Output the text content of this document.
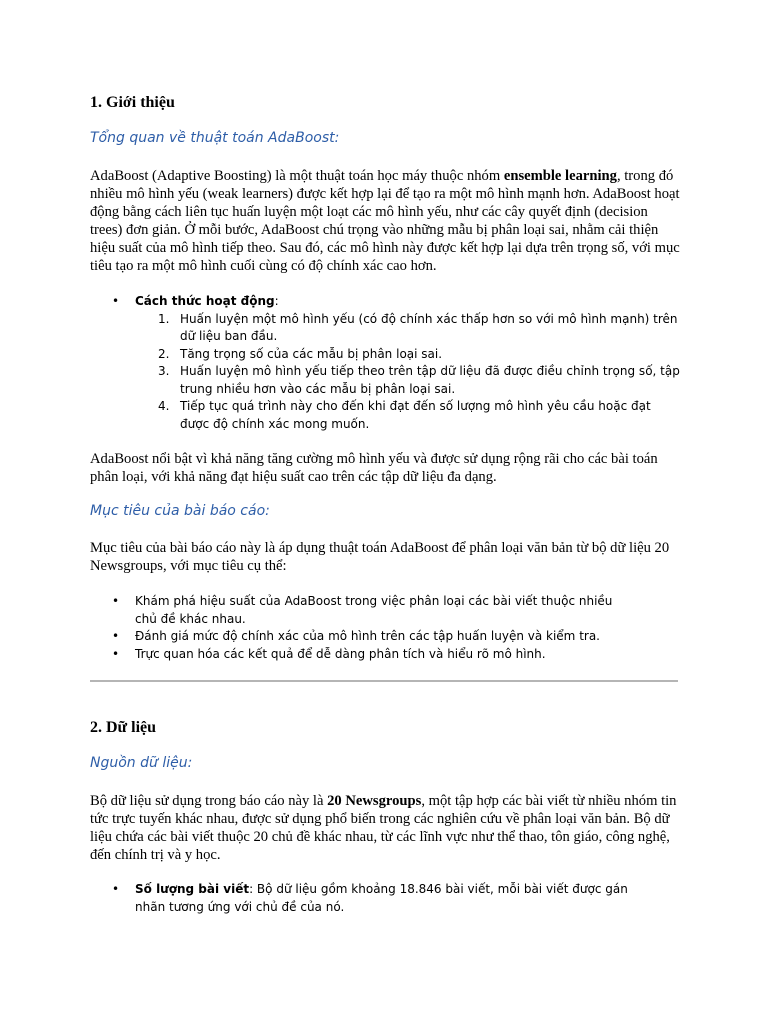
1. Giới thiệu

Tổng quan về thuật toán AdaBoost:

AdaBoost (Adaptive Boosting) là một thuật toán học máy thuộc nhóm ensemble learning, trong đó nhiều mô hình yếu (weak learners) được kết hợp lại để tạo ra một mô hình mạnh hơn. AdaBoost hoạt động bằng cách liên tục huấn luyện một loạt các mô hình yếu, như các cây quyết định (decision trees) đơn giản. Ở mỗi bước, AdaBoost chú trọng vào những mẫu bị phân loại sai, nhằm cải thiện hiệu suất của mô hình tiếp theo. Sau đó, các mô hình này được kết hợp lại dựa trên trọng số, với mục tiêu tạo ra một mô hình cuối cùng có độ chính xác cao hơn.

• Cách thức hoạt động:
1. Huấn luyện một mô hình yếu (có độ chính xác thấp hơn so với mô hình mạnh) trên dữ liệu ban đầu.
2. Tăng trọng số của các mẫu bị phân loại sai.
3. Huấn luyện mô hình yếu tiếp theo trên tập dữ liệu đã được điều chỉnh trọng số, tập trung nhiều hơn vào các mẫu bị phân loại sai.
4. Tiếp tục quá trình này cho đến khi đạt đến số lượng mô hình yêu cầu hoặc đạt được độ chính xác mong muốn.

AdaBoost nổi bật vì khả năng tăng cường mô hình yếu và được sử dụng rộng rãi cho các bài toán phân loại, với khả năng đạt hiệu suất cao trên các tập dữ liệu đa dạng.

Mục tiêu của bài báo cáo:

Mục tiêu của bài báo cáo này là áp dụng thuật toán AdaBoost để phân loại văn bản từ bộ dữ liệu 20 Newsgroups, với mục tiêu cụ thể:

• Khám phá hiệu suất của AdaBoost trong việc phân loại các bài viết thuộc nhiều chủ đề khác nhau.
• Đánh giá mức độ chính xác của mô hình trên các tập huấn luyện và kiểm tra.
• Trực quan hóa các kết quả để dễ dàng phân tích và hiểu rõ mô hình.
2. Dữ liệu

Nguồn dữ liệu:

Bộ dữ liệu sử dụng trong báo cáo này là 20 Newsgroups, một tập hợp các bài viết từ nhiều nhóm tin tức trực tuyến khác nhau, được sử dụng phổ biến trong các nghiên cứu về phân loại văn bản. Bộ dữ liệu chứa các bài viết thuộc 20 chủ đề khác nhau, từ các lĩnh vực như thể thao, tôn giáo, công nghệ, đến chính trị và y học.

• Số lượng bài viết: Bộ dữ liệu gồm khoảng 18.846 bài viết, mỗi bài viết được gán nhãn tương ứng với chủ đề của nó.
